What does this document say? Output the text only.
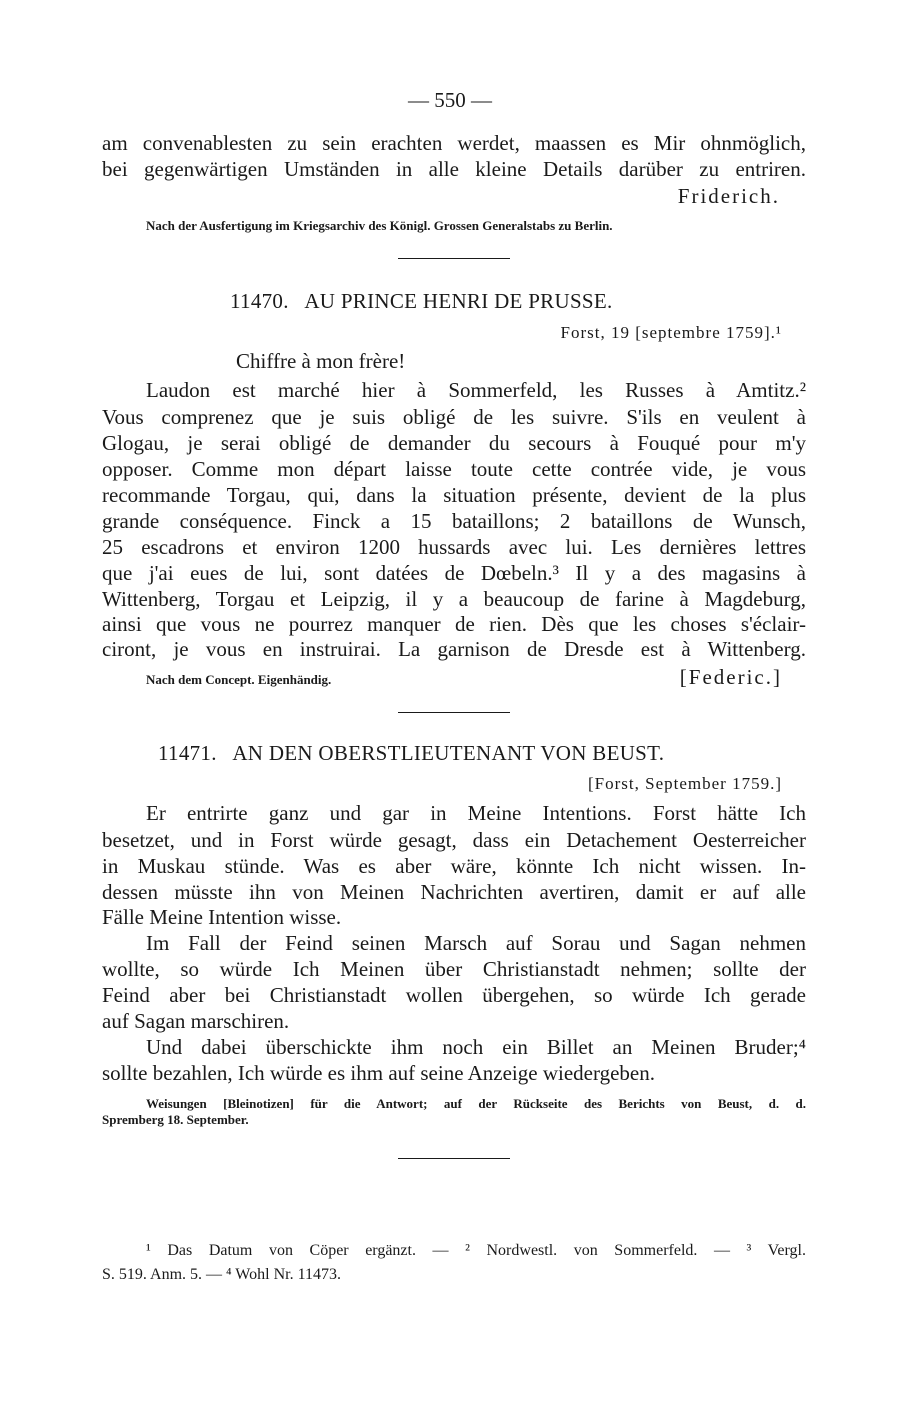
— 550 —
am convenablesten zu sein erachten werdet, maassen es Mir ohnmöglich,
bei gegenwärtigen Umständen in alle kleine Details darüber zu entriren.
Friderich.
Nach der Ausfertigung im Kriegsarchiv des Königl. Grossen Generalstabs zu Berlin.
11470. AU PRINCE HENRI DE PRUSSE.
Forst, 19 [septembre 1759].¹
Chiffre à mon frère!
Laudon est marché hier à Sommerfeld, les Russes à Amtitz.²
Vous comprenez que je suis obligé de les suivre. S'ils en veulent à
Glogau, je serai obligé de demander du secours à Fouqué pour m'y
opposer. Comme mon départ laisse toute cette contrée vide, je vous
recommande Torgau, qui, dans la situation présente, devient de la plus
grande conséquence. Finck a 15 bataillons; 2 bataillons de Wunsch,
25 escadrons et environ 1200 hussards avec lui. Les dernières lettres
que j'ai eues de lui, sont datées de Dœbeln.³ Il y a des magasins à
Wittenberg, Torgau et Leipzig, il y a beaucoup de farine à Magdeburg,
ainsi que vous ne pourrez manquer de rien. Dès que les choses s'éclair-
ciront, je vous en instruirai. La garnison de Dresde est à Wittenberg.
Nach dem Concept. Eigenhändig.	[Federic.]
11471. AN DEN OBERSTLIEUTENANT VON BEUST.
[Forst, September 1759.]
Er entrirte ganz und gar in Meine Intentions. Forst hätte Ich
besetzet, und in Forst würde gesagt, dass ein Detachement Oesterreicher
in Muskau stünde. Was es aber wäre, könnte Ich nicht wissen. In-
dessen müsste ihn von Meinen Nachrichten avertiren, damit er auf alle
Fälle Meine Intention wisse.
Im Fall der Feind seinen Marsch auf Sorau und Sagan nehmen
wollte, so würde Ich Meinen über Christianstadt nehmen; sollte der
Feind aber bei Christianstadt wollen übergehen, so würde Ich gerade
auf Sagan marschiren.
Und dabei überschickte ihm noch ein Billet an Meinen Bruder;⁴
sollte bezahlen, Ich würde es ihm auf seine Anzeige wiedergeben.
Weisungen [Bleinotizen] für die Antwort; auf der Rückseite des Berichts von Beust, d. d.
Spremberg 18. September.
¹ Das Datum von Cöper ergänzt. — ² Nordwestl. von Sommerfeld. — ³ Vergl.
S. 519. Anm. 5. — ⁴ Wohl Nr. 11473.
